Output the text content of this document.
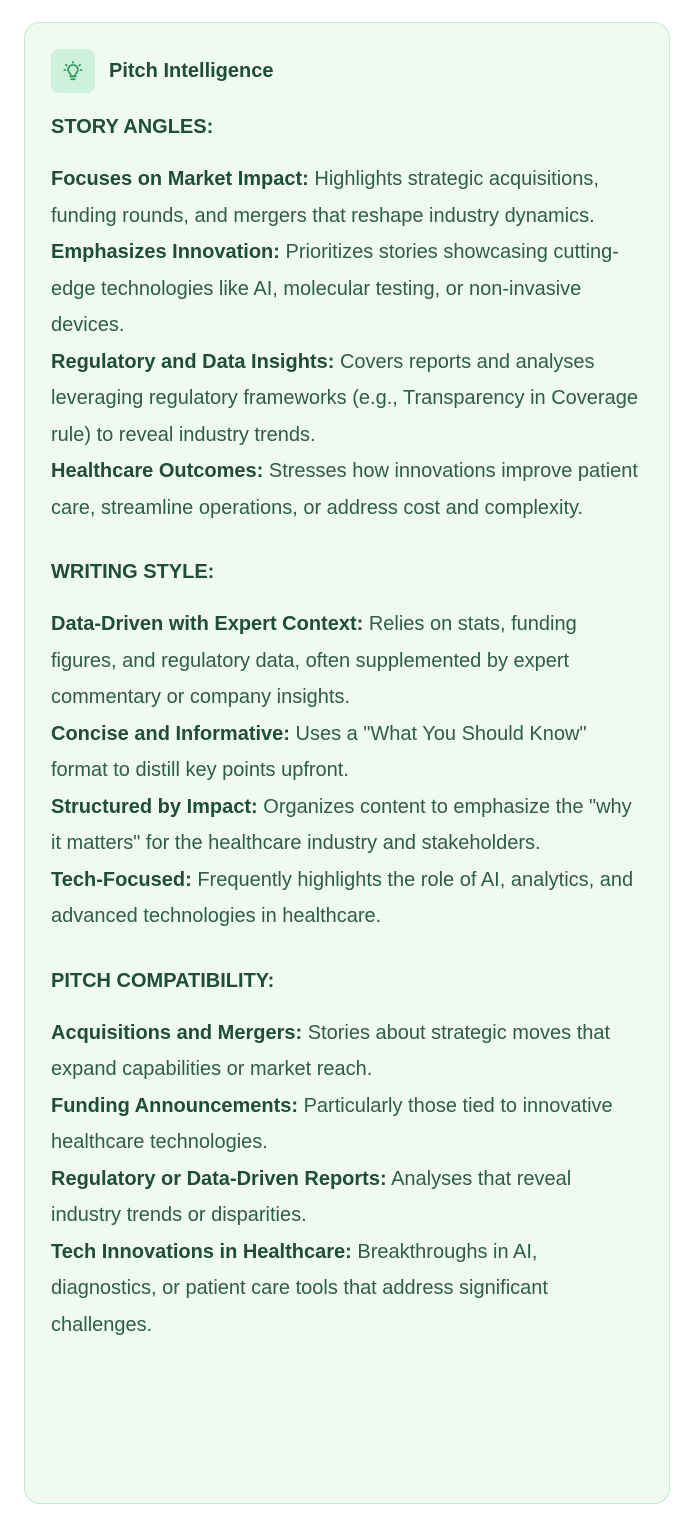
Pitch Intelligence
STORY ANGLES:

Focuses on Market Impact: Highlights strategic acquisitions, funding rounds, and mergers that reshape industry dynamics.

Emphasizes Innovation: Prioritizes stories showcasing cutting-edge technologies like AI, molecular testing, or non-invasive devices.

Regulatory and Data Insights: Covers reports and analyses leveraging regulatory frameworks (e.g., Transparency in Coverage rule) to reveal industry trends.

Healthcare Outcomes: Stresses how innovations improve patient care, streamline operations, or address cost and complexity.

WRITING STYLE:

Data-Driven with Expert Context: Relies on stats, funding figures, and regulatory data, often supplemented by expert commentary or company insights.

Concise and Informative: Uses a "What You Should Know" format to distill key points upfront.

Structured by Impact: Organizes content to emphasize the "why it matters" for the healthcare industry and stakeholders.

Tech-Focused: Frequently highlights the role of AI, analytics, and advanced technologies in healthcare.

PITCH COMPATIBILITY:

Acquisitions and Mergers: Stories about strategic moves that expand capabilities or market reach.

Funding Announcements: Particularly those tied to innovative healthcare technologies.

Regulatory or Data-Driven Reports: Analyses that reveal industry trends or disparities.

Tech Innovations in Healthcare: Breakthroughs in AI, diagnostics, or patient care tools that address significant challenges.
